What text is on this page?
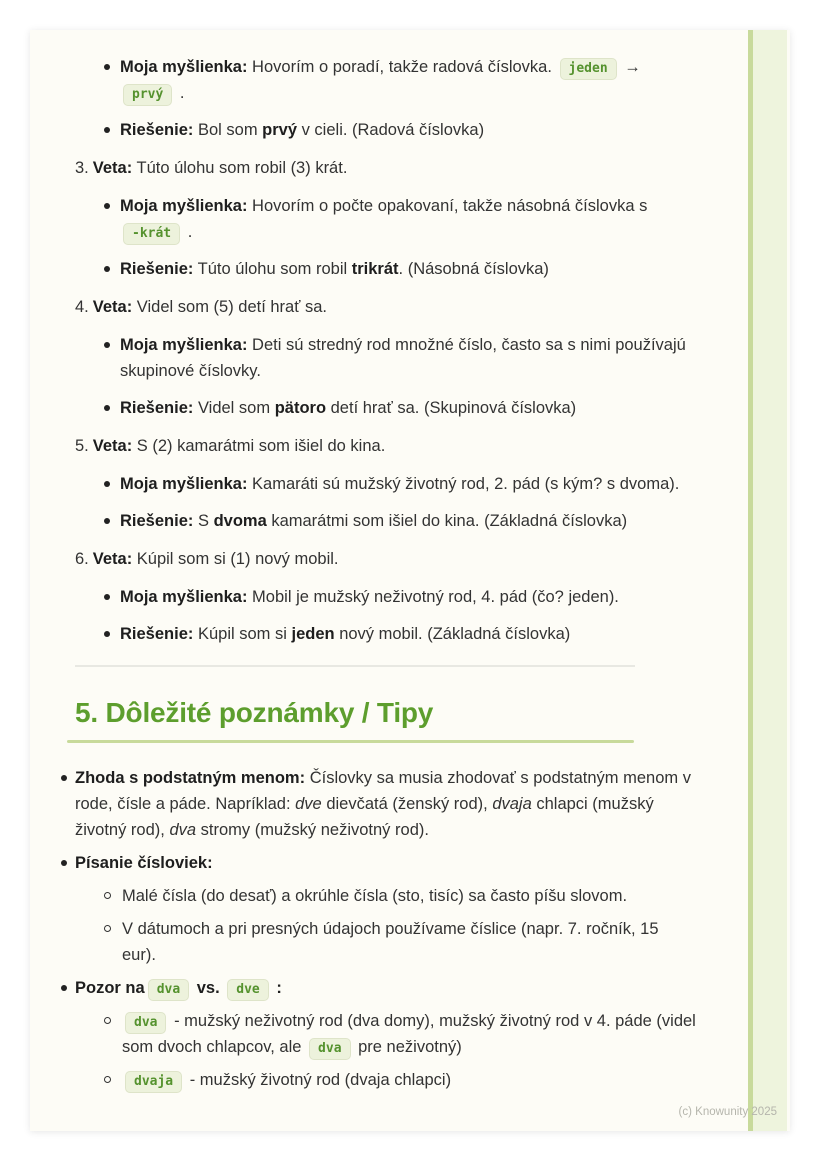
Moja myšlienka: Hovorím o poradí, takže radová číslovka. jeden → prvý .
Riešenie: Bol som prvý v cieli. (Radová číslovka)

3. Veta: Túto úlohu som robil (3) krát.

Moja myšlienka: Hovorím o počte opakovaní, takže násobná číslovka s -krát .
Riešenie: Túto úlohu som robil trikrát. (Násobná číslovka)

4. Veta: Videl som (5) detí hrať sa.

Moja myšlienka: Deti sú stredný rod množné číslo, často sa s nimi používajú skupinové číslovky.
Riešenie: Videl som pätoro detí hrať sa. (Skupinová číslovka)

5. Veta: S (2) kamarátmi som išiel do kina.

Moja myšlienka: Kamaráti sú mužský životný rod, 2. pád (s kým? s dvoma).
Riešenie: S dvoma kamarátmi som išiel do kina. (Základná číslovka)

6. Veta: Kúpil som si (1) nový mobil.

Moja myšlienka: Mobil je mužský neživotný rod, 4. pád (čo? jeden).
Riešenie: Kúpil som si jeden nový mobil. (Základná číslovka)
5. Dôležité poznámky / Tipy
Zhoda s podstatným menom: Číslovky sa musia zhodovať s podstatným menom v rode, čísle a páde. Napríklad: dve dievčatá (ženský rod), dvaja chlapci (mužský životný rod), dva stromy (mužský neživotný rod).
Písanie čísloviek:
Malé čísla (do desať) a okrúhle čísla (sto, tisíc) sa často píšu slovom.
V dátumoch a pri presných údajoch používame číslice (napr. 7. ročník, 15 eur).
Pozor na dva vs. dve :
dva - mužský neživotný rod (dva domy), mužský životný rod v 4. páde (videl som dvoch chlapcov, ale dva pre neživotný)
dvaja - mužský životný rod (dvaja chlapci)
(c) Knowunity 2025
